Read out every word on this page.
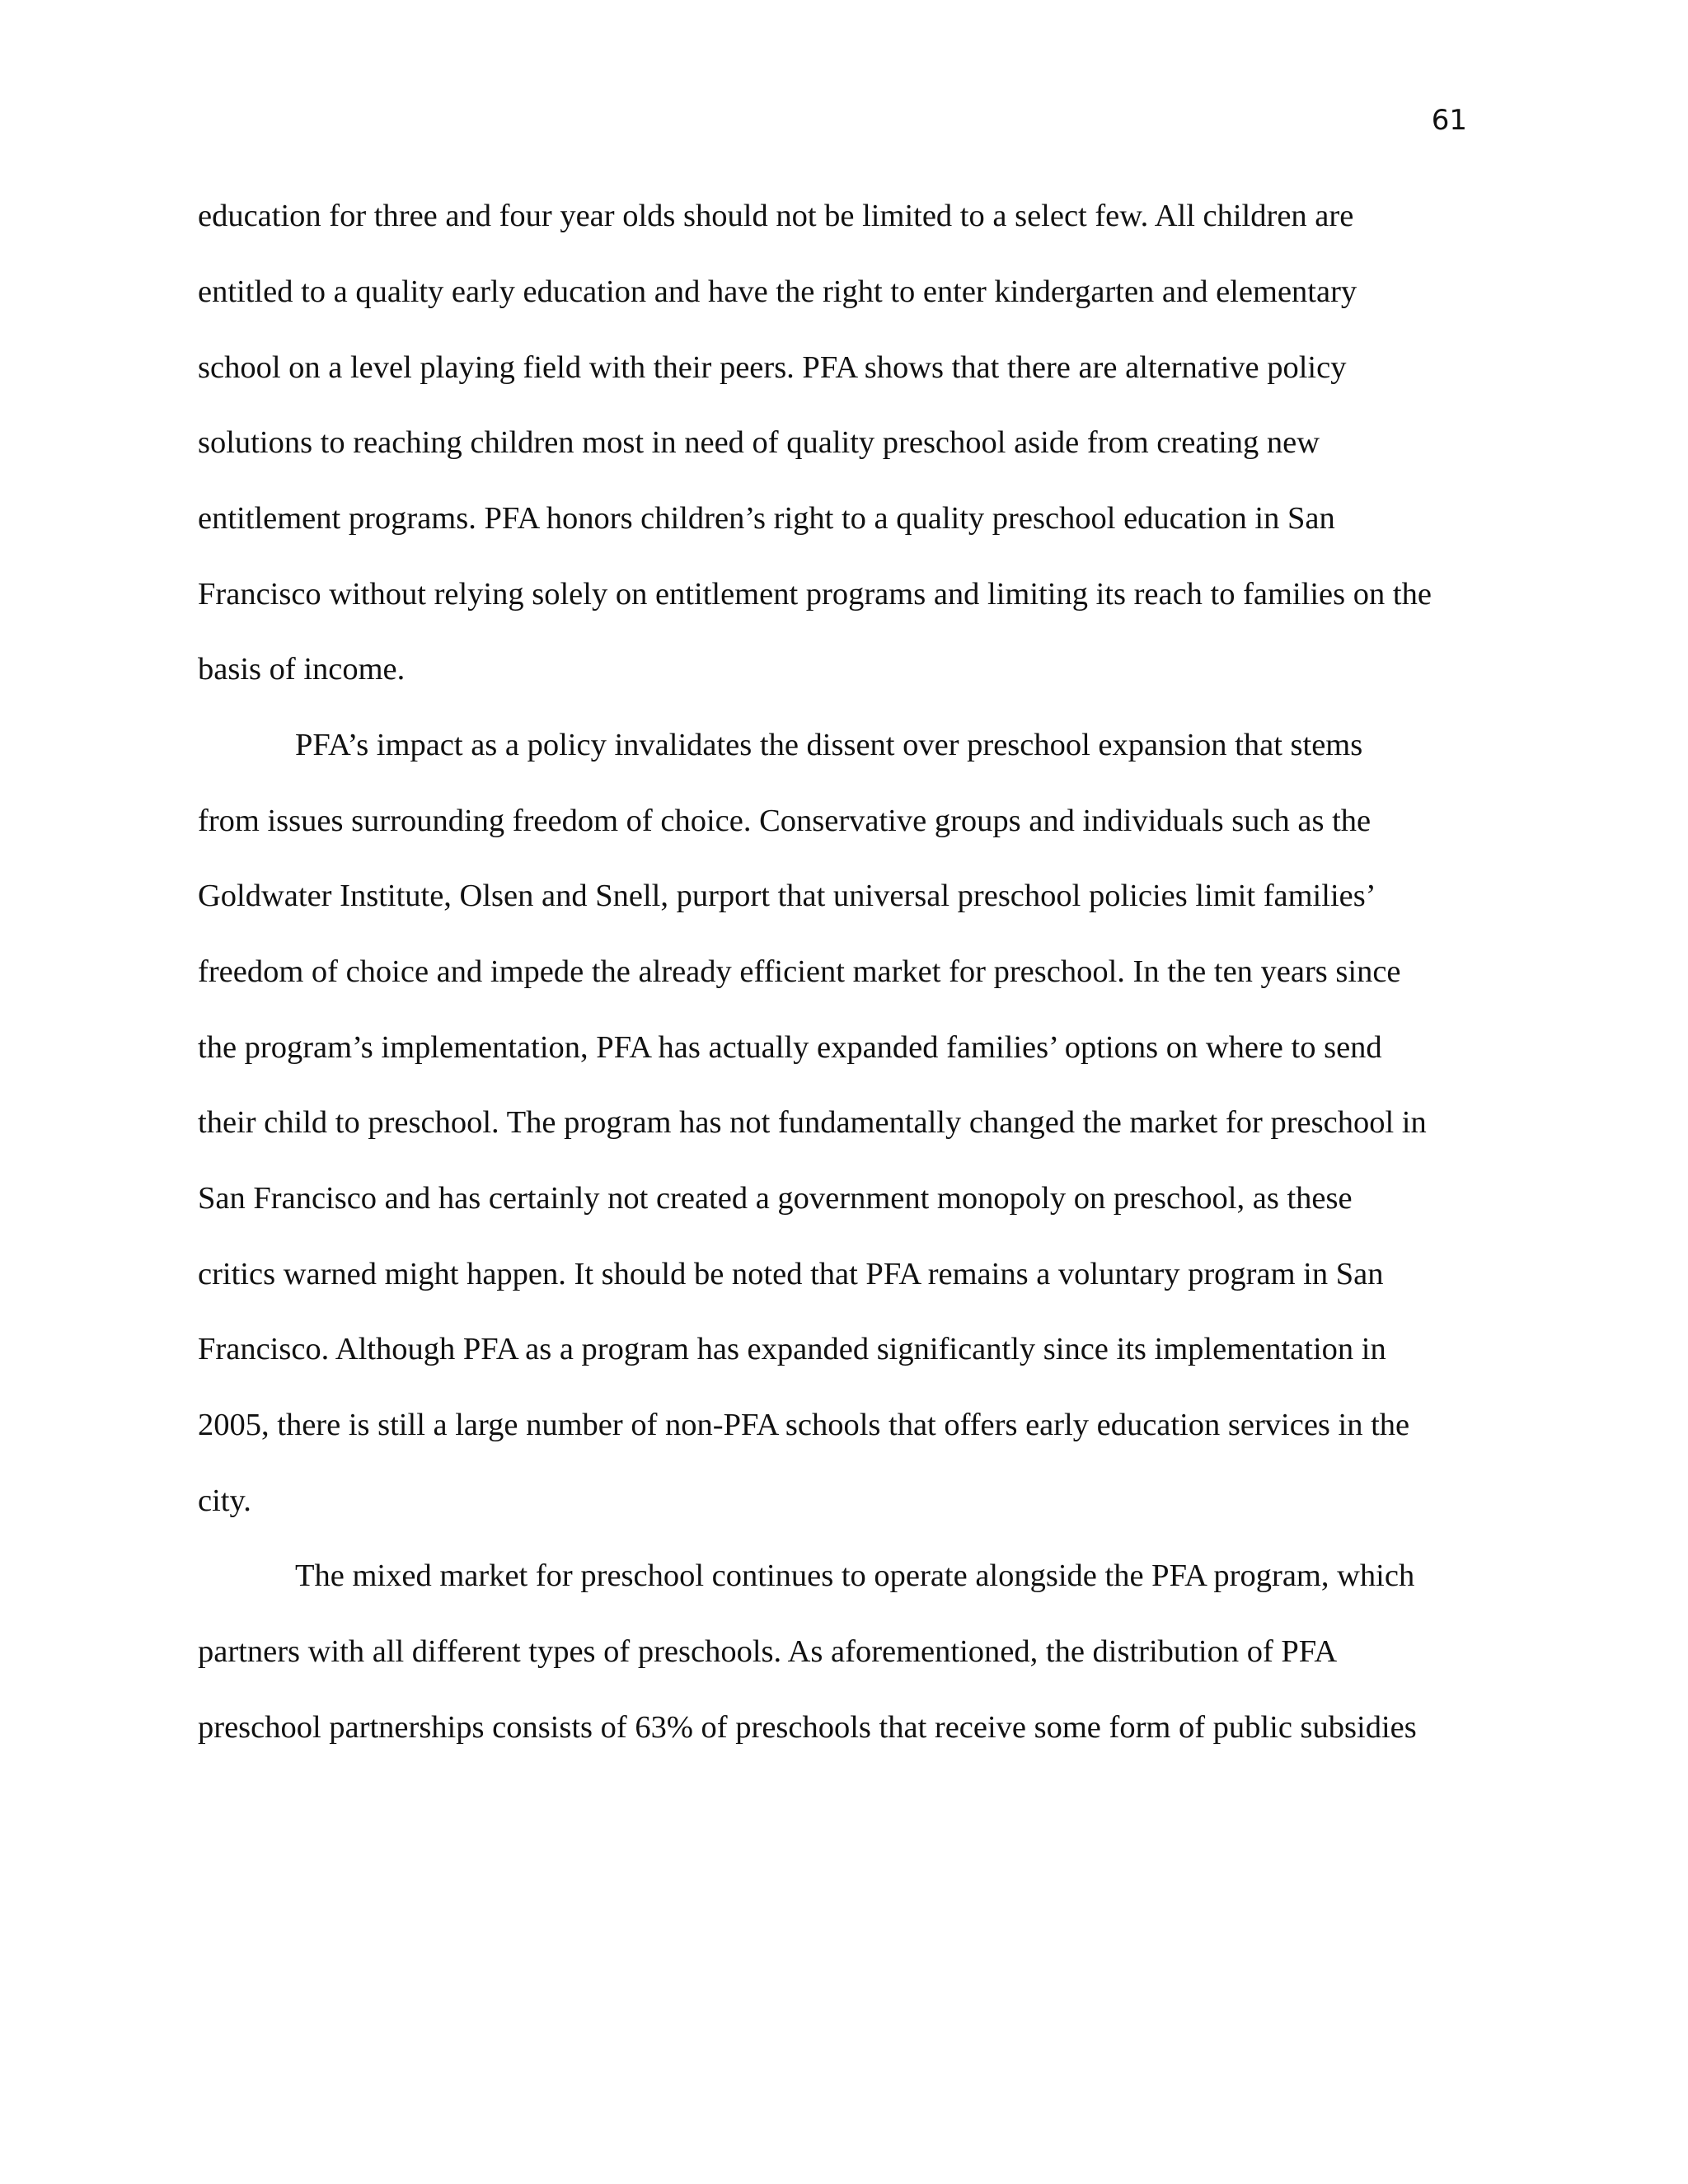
61

education for three and four year olds should not be limited to a select few. All children are

entitled to a quality early education and have the right to enter kindergarten and elementary

school on a level playing field with their peers. PFA shows that there are alternative policy

solutions to reaching children most in need of quality preschool aside from creating new

entitlement programs. PFA honors children’s right to a quality preschool education in San

Francisco without relying solely on entitlement programs and limiting its reach to families on the

basis of income.

PFA’s impact as a policy invalidates the dissent over preschool expansion that stems

from issues surrounding freedom of choice. Conservative groups and individuals such as the

Goldwater Institute, Olsen and Snell, purport that universal preschool policies limit families’

freedom of choice and impede the already efficient market for preschool. In the ten years since

the program’s implementation, PFA has actually expanded families’ options on where to send

their child to preschool. The program has not fundamentally changed the market for preschool in

San Francisco and has certainly not created a government monopoly on preschool, as these

critics warned might happen. It should be noted that PFA remains a voluntary program in San

Francisco. Although PFA as a program has expanded significantly since its implementation in

2005, there is still a large number of non-PFA schools that offers early education services in the

city.

The mixed market for preschool continues to operate alongside the PFA program, which

partners with all different types of preschools. As aforementioned, the distribution of PFA

preschool partnerships consists of 63% of preschools that receive some form of public subsidies
